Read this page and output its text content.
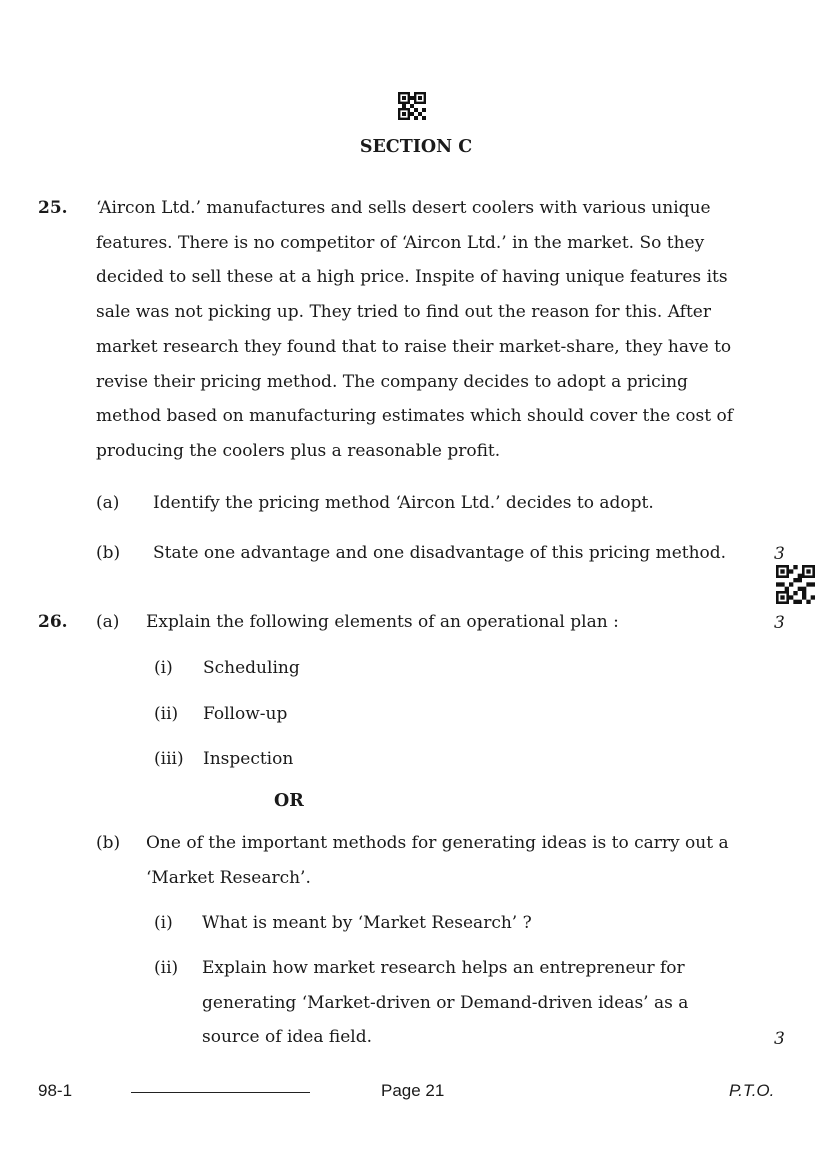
SECTION C
25. ‘Aircon Ltd.’ manufactures and sells desert coolers with various unique
features. There is no competitor of ‘Aircon Ltd.’ in the market. So they
decided to sell these at a high price. Inspite of having unique features its
sale was not picking up. They tried to find out the reason for this. After
market research they found that to raise their market-share, they have to
revise their pricing method. The company decides to adopt a pricing
method based on manufacturing estimates which should cover the cost of
producing the coolers plus a reasonable profit.
(a) Identify the pricing method ‘Aircon Ltd.’ decides to adopt.
(b) State one advantage and one disadvantage of this pricing method.	3
26. (a) Explain the following elements of an operational plan :	3
(i) Scheduling
(ii) Follow-up
(iii) Inspection
OR
(b) One of the important methods for generating ideas is to carry out a
‘Market Research’.
(i) What is meant by ‘Market Research’ ?
(ii) Explain how market research helps an entrepreneur for
generating ‘Market-driven or Demand-driven ideas’ as a
source of idea field.	3
98-1	Page 21	P.T.O.
